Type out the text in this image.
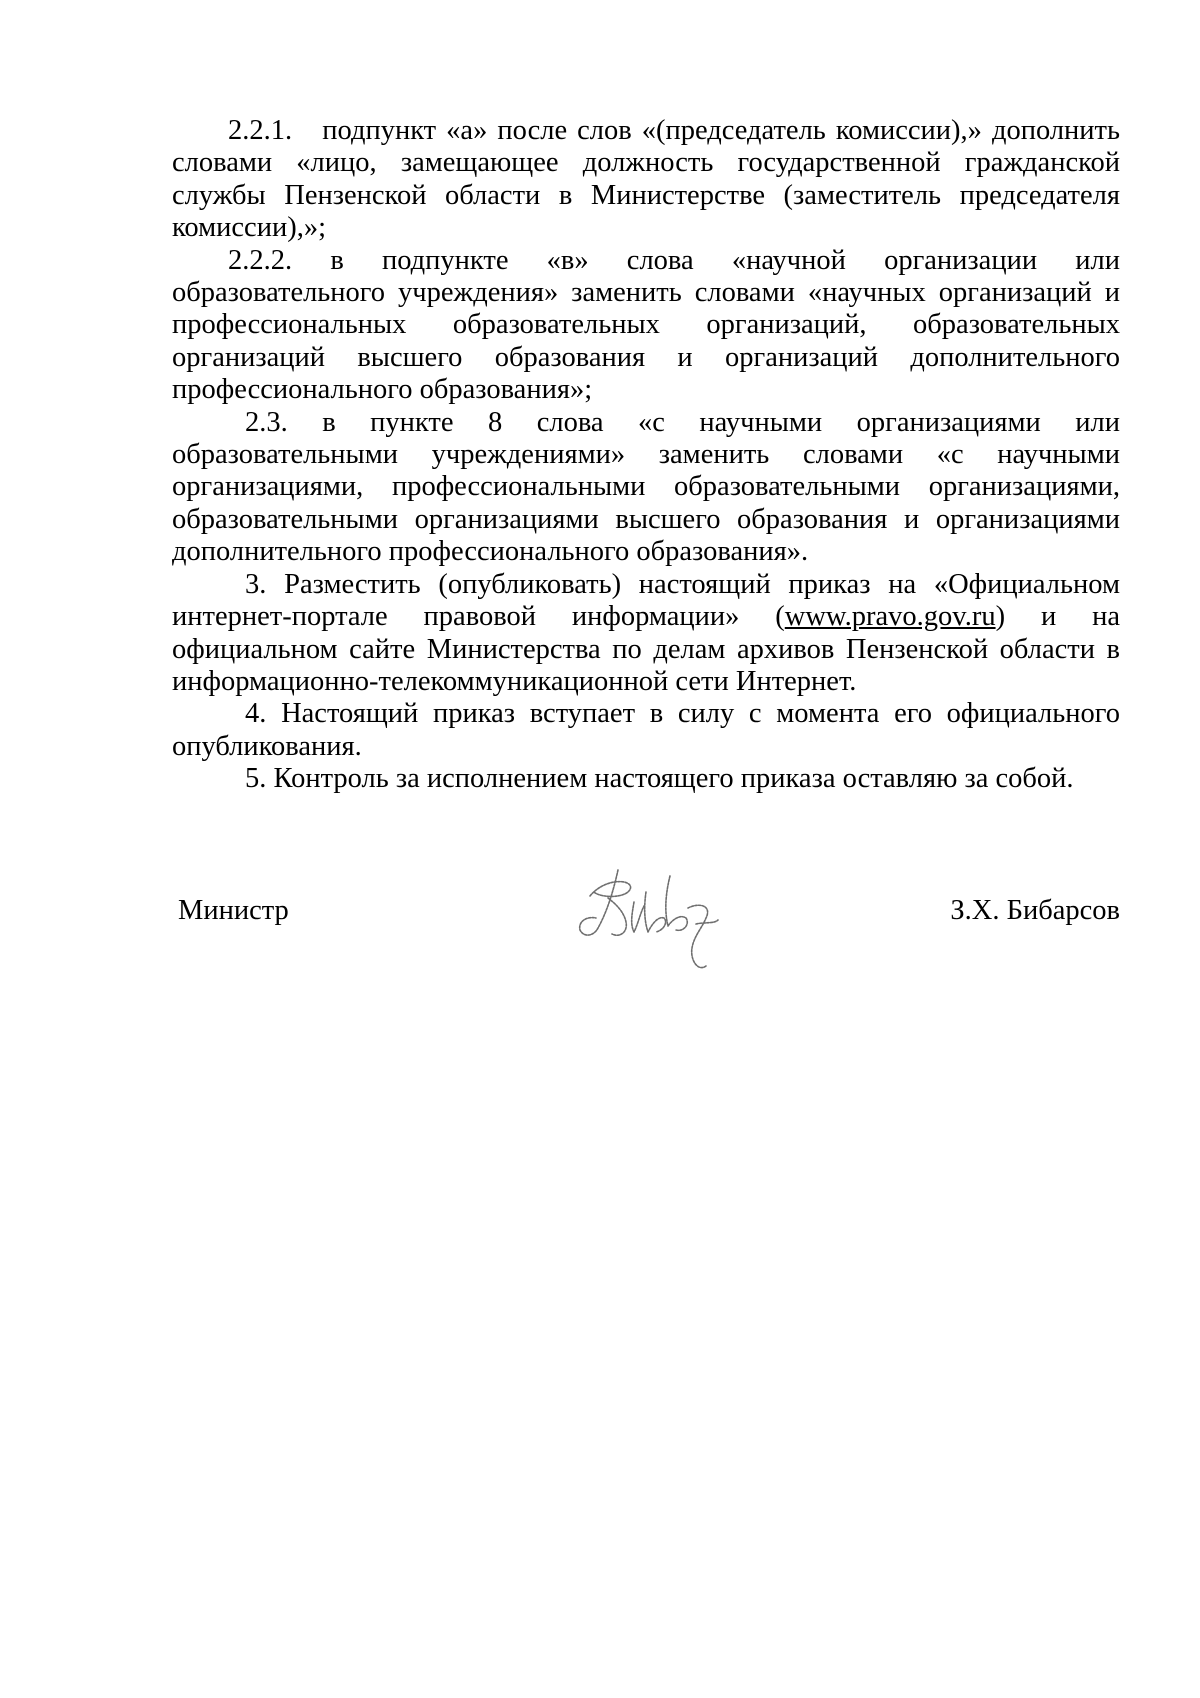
2.2.1. подпункт «а» после слов «(председатель комиссии),» дополнить словами «лицо, замещающее должность государственной гражданской службы Пензенской области в Министерстве (заместитель председателя комиссии),»;

2.2.2. в подпункте «в» слова «научной организации или образовательного учреждения» заменить словами «научных организаций и профессиональных образовательных организаций, образовательных организаций высшего образования и организаций дополнительного профессионального образования»;

2.3. в пункте 8 слова «с научными организациями или образовательными учреждениями» заменить словами «с научными организациями, профессиональными образовательными организациями, образовательными организациями высшего образования и организациями дополнительного профессионального образования».

3. Разместить (опубликовать) настоящий приказ на «Официальном интернет-портале правовой информации» (www.pravo.gov.ru) и на официальном сайте Министерства по делам архивов Пензенской области в информационно-телекоммуникационной сети Интернет.

4. Настоящий приказ вступает в силу с момента его официального опубликования.

5. Контроль за исполнением настоящего приказа оставляю за собой.

Министр	З.Х. Бибарсов
